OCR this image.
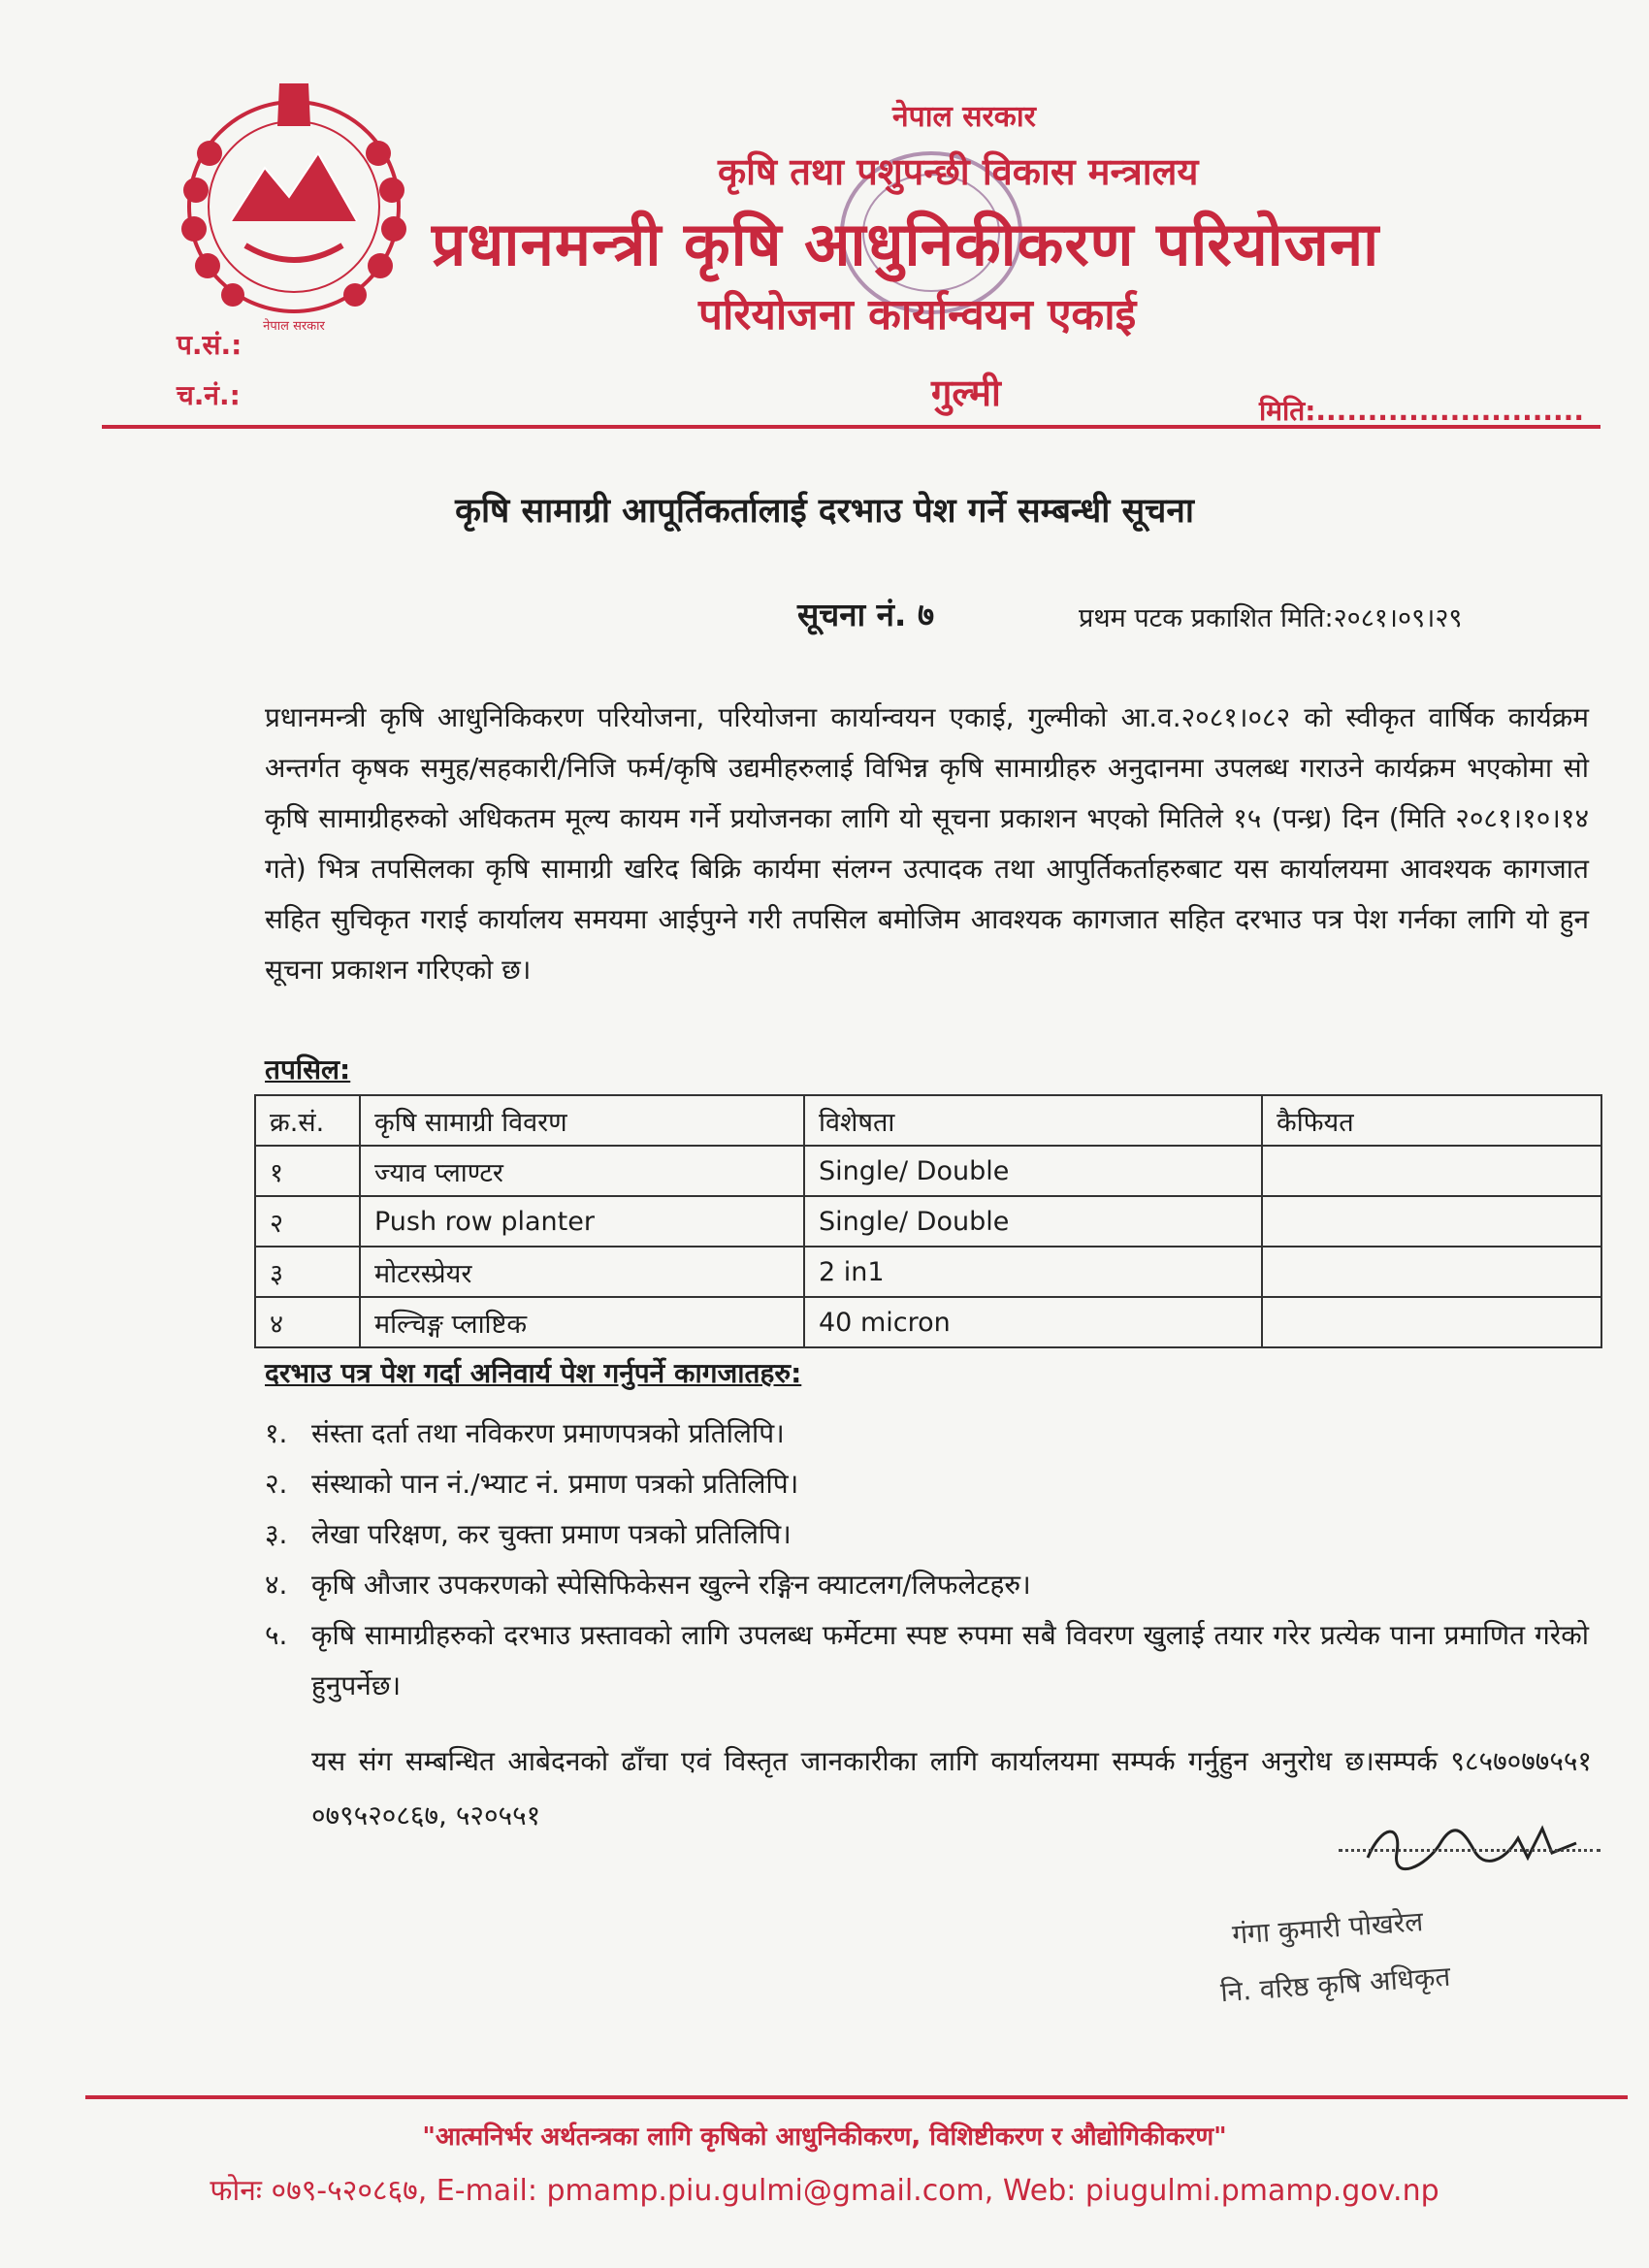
नेपाल सरकार
नेपाल सरकार
कृषि तथा पशुपन्छी विकास मन्त्रालय
प्रधानमन्त्री कृषि आधुनिकीकरण परियोजना
परियोजना कार्यान्वयन एकाई
गुल्मी
प.सं.:
च.नं.:	मिति:..........................
कृषि सामाग्री आपूर्तिकर्तालाई दरभाउ पेश गर्ने सम्बन्धी सूचना
सूचना नं. ७	प्रथम पटक प्रकाशित मिति:२०८१।०९।२९
प्रधानमन्त्री कृषि आधुनिकिकरण परियोजना, परियोजना कार्यान्वयन एकाई, गुल्मीको आ.व.२०८१।०८२ को स्वीकृत वार्षिक कार्यक्रम अन्तर्गत कृषक समुह/सहकारी/निजि फर्म/कृषि उद्यमीहरुलाई विभिन्न कृषि सामाग्रीहरु अनुदानमा उपलब्ध गराउने कार्यक्रम भएकोमा सो कृषि सामाग्रीहरुको अधिकतम मूल्य कायम गर्ने प्रयोजनका लागि यो सूचना प्रकाशन भएको मितिले १५ (पन्ध्र) दिन (मिति २०८१।१०।१४ गते) भित्र तपसिलका कृषि सामाग्री खरिद बिक्रि कार्यमा संलग्न उत्पादक तथा आपुर्तिकर्ताहरुबाट यस कार्यालयमा आवश्यक कागजात सहित सुचिकृत गराई कार्यालय समयमा आईपुग्ने गरी तपसिल बमोजिम आवश्यक कागजात सहित दरभाउ पत्र पेश गर्नका लागि यो हुन सूचना प्रकाशन गरिएको छ।
तपसिल:
क्र.सं.	कृषि सामाग्री विवरण	विशेषता	कैफियत
१	ज्याव प्लाण्टर	Single/ Double	
२	Push row planter	Single/ Double	
३	मोटरस्प्रेयर	2 in1	
४	मल्चिङ्ग प्लाष्टिक	40 micron	
दरभाउ पत्र पेश गर्दा अनिवार्य पेश गर्नुपर्ने कागजातहरु:
१. संस्ता दर्ता तथा नविकरण प्रमाणपत्रको प्रतिलिपि।
२. संस्थाको पान नं./भ्याट नं. प्रमाण पत्रको प्रतिलिपि।
३. लेखा परिक्षण, कर चुक्ता प्रमाण पत्रको प्रतिलिपि।
४. कृषि औजार उपकरणको स्पेसिफिकेसन खुल्ने रङ्गिन क्याटलग/लिफलेटहरु।
५. कृषि सामाग्रीहरुको दरभाउ प्रस्तावको लागि उपलब्ध फर्मेटमा स्पष्ट रुपमा सबै विवरण खुलाई तयार गरेर प्रत्येक पाना प्रमाणित गरेको हुनुपर्नेछ।
यस संग सम्बन्धित आबेदनको ढाँचा एवं विस्तृत जानकारीका लागि कार्यालयमा सम्पर्क गर्नुहुन अनुरोध छ।सम्पर्क ९८५७०७७५५१ ०७९५२०८६७, ५२०५५१
गंगा कुमारी पोखरेल
नि. वरिष्ठ कृषि अधिकृत
"आत्मनिर्भर अर्थतन्त्रका लागि कृषिको आधुनिकीकरण, विशिष्टीकरण र औद्योगिकीकरण"
फोनः ०७९-५२०८६७, E-mail: pmamp.piu.gulmi@gmail.com, Web: piugulmi.pmamp.gov.np
